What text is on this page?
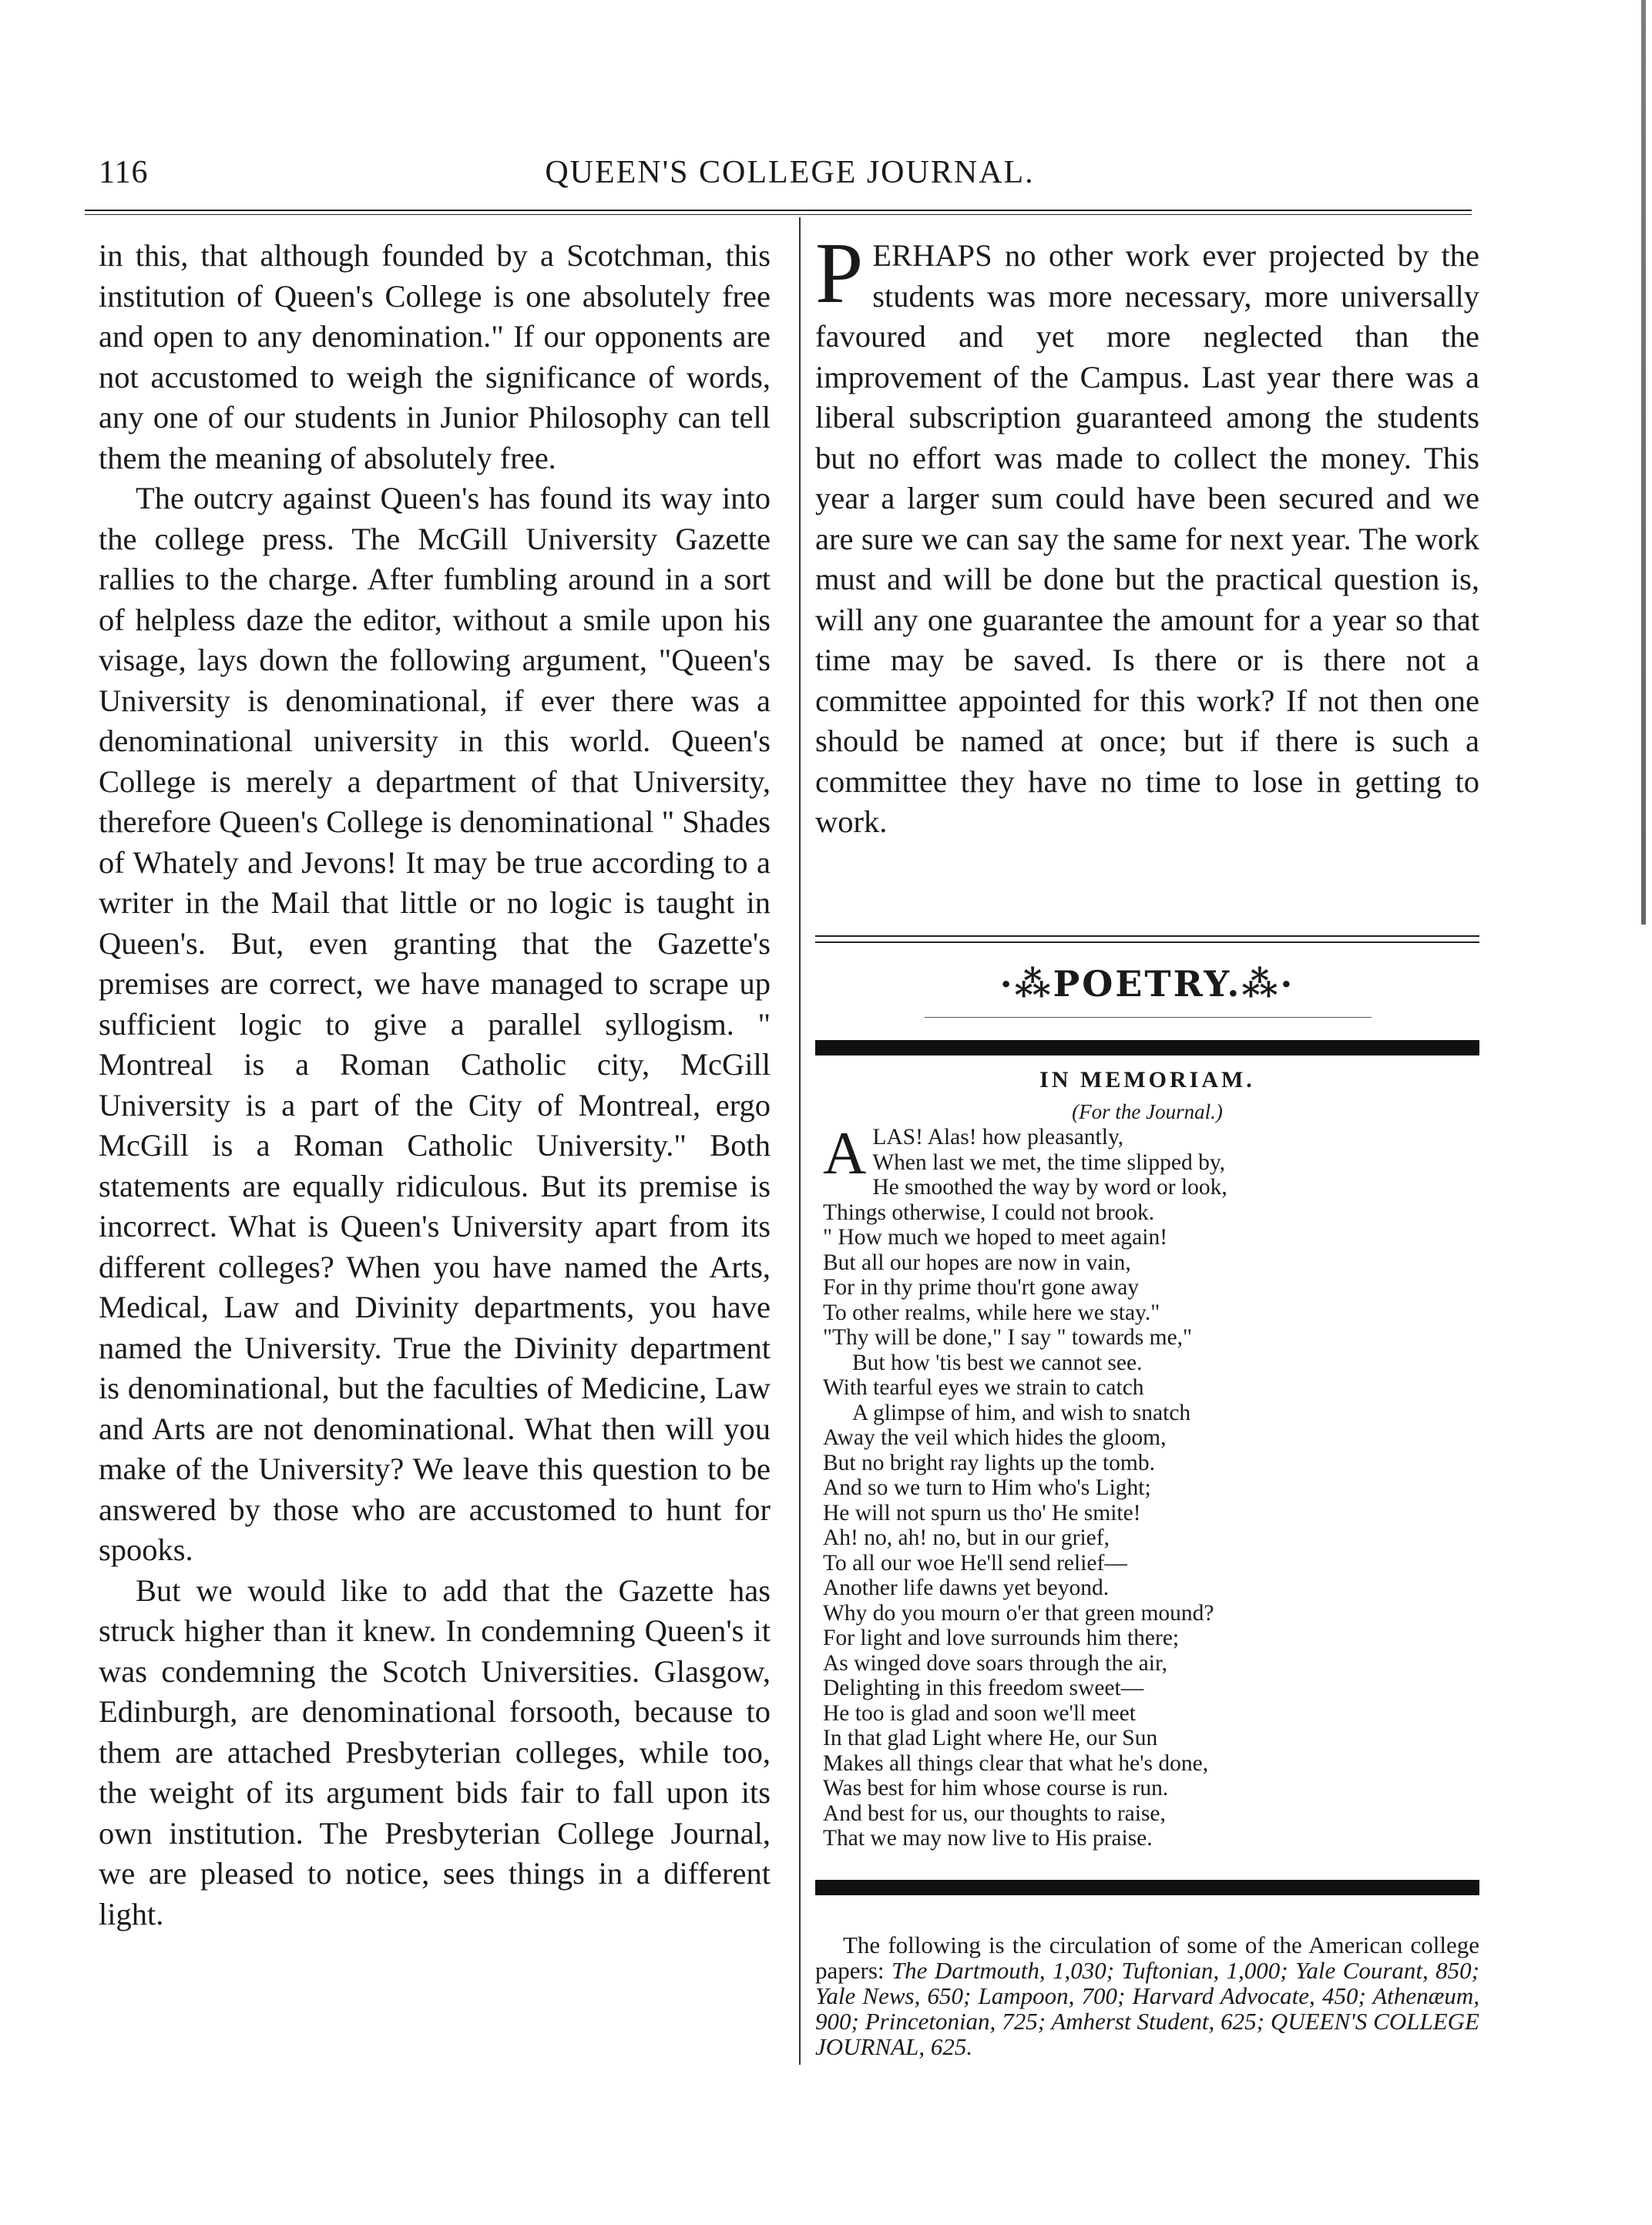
116	QUEEN'S COLLEGE JOURNAL.

in this, that although founded by a Scotchman, this institution of Queen's College is one absolutely free and open to any denomination." If our opponents are not accustomed to weigh the significance of words, any one of our students in Junior Philosophy can tell them the meaning of absolutely free.

The outcry against Queen's has found its way into the college press. The McGill University Gazette rallies to the charge. After fumbling around in a sort of helpless daze the editor, without a smile upon his visage, lays down the following argument, "Queen's University is denominational, if ever there was a denominational university in this world. Queen's College is merely a department of that University, therefore Queen's College is denominational " Shades of Whately and Jevons! It may be true according to a writer in the Mail that little or no logic is taught in Queen's. But, even granting that the Gazette's premises are correct, we have managed to scrape up sufficient logic to give a parallel syllogism. " Montreal is a Roman Catholic city, McGill University is a part of the City of Montreal, ergo McGill is a Roman Catholic University." Both statements are equally ridiculous. But its premise is incorrect. What is Queen's University apart from its different colleges? When you have named the Arts, Medical, Law and Divinity departments, you have named the University. True the Divinity department is denominational, but the faculties of Medicine, Law and Arts are not denominational. What then will you make of the University? We leave this question to be answered by those who are accustomed to hunt for spooks.

But we would like to add that the Gazette has struck higher than it knew. In condemning Queen's it was condemning the Scotch Universities. Glasgow, Edinburgh, are denominational forsooth, because to them are attached Presbyterian colleges, while too, the weight of its argument bids fair to fall upon its own institution. The Presbyterian College Journal, we are pleased to notice, sees things in a different light.

PERHAPS no other work ever projected by the students was more necessary, more universally favoured and yet more neglected than the improvement of the Campus. Last year there was a liberal subscription guaranteed among the students but no effort was made to collect the money. This year a larger sum could have been secured and we are sure we can say the same for next year. The work must and will be done but the practical question is, will any one guarantee the amount for a year so that time may be saved. Is there or is there not a committee appointed for this work? If not then one should be named at once; but if there is such a committee they have no time to lose in getting to work.

·⁂POETRY.⁂·
IN MEMORIAM.
(For the Journal.)
A LAS! Alas! how pleasantly,
When last we met, the time slipped by,
He smoothed the way by word or look,
Things otherwise, I could not brook.
" How much we hoped to meet again!
But all our hopes are now in vain,
For in thy prime thou'rt gone away
To other realms, while here we stay."
"Thy will be done," I say " towards me,"
But how 'tis best we cannot see.
With tearful eyes we strain to catch
A glimpse of him, and wish to snatch
Away the veil which hides the gloom,
But no bright ray lights up the tomb.
And so we turn to Him who's Light;
He will not spurn us tho' He smite!
Ah! no, ah! no, but in our grief,
To all our woe He'll send relief—
Another life dawns yet beyond.
Why do you mourn o'er that green mound?
For light and love surrounds him there;
As winged dove soars through the air,
Delighting in this freedom sweet—
He too is glad and soon we'll meet
In that glad Light where He, our Sun
Makes all things clear that what he's done,
Was best for him whose course is run.
And best for us, our thoughts to raise,
That we may now live to His praise.

The following is the circulation of some of the American college papers: The Dartmouth, 1,030; Tuftonian, 1,000; Yale Courant, 850; Yale News, 650; Lampoon, 700; Harvard Advocate, 450; Athenæum, 900; Princetonian, 725; Amherst Student, 625; QUEEN'S COLLEGE JOURNAL, 625.
